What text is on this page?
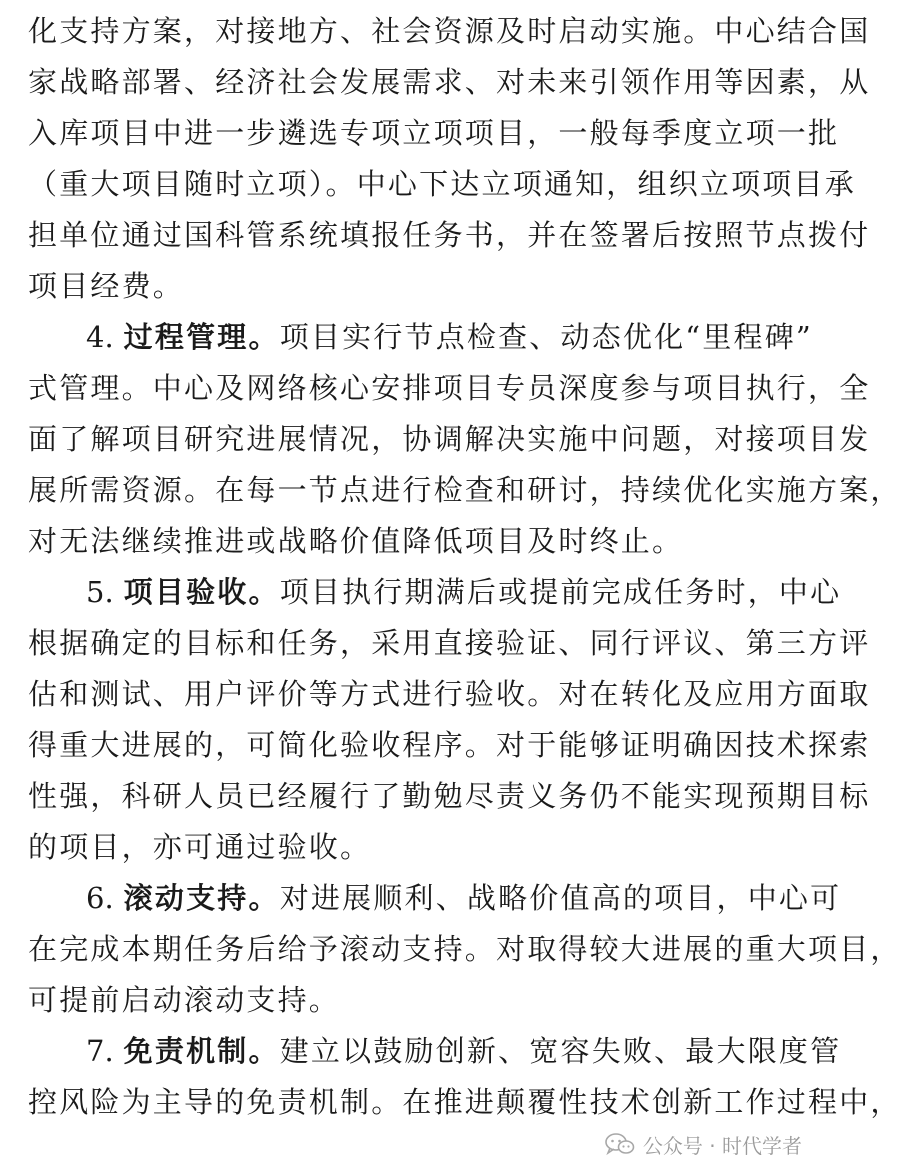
化支持方案，对接地方、社会资源及时启动实施。中心结合国
家战略部署、经济社会发展需求、对未来引领作用等因素，从
入库项目中进一步遴选专项立项项目，一般每季度立项一批
（重大项目随时立项）。中心下达立项通知，组织立项项目承
担单位通过国科管系统填报任务书，并在签署后按照节点拨付
项目经费。
4. 过程管理。项目实行节点检查、动态优化“里程碑”
式管理。中心及网络核心安排项目专员深度参与项目执行，全
面了解项目研究进展情况，协调解决实施中问题，对接项目发
展所需资源。在每一节点进行检查和研讨，持续优化实施方案，
对无法继续推进或战略价值降低项目及时终止。
5. 项目验收。项目执行期满后或提前完成任务时，中心
根据确定的目标和任务，采用直接验证、同行评议、第三方评
估和测试、用户评价等方式进行验收。对在转化及应用方面取
得重大进展的，可简化验收程序。对于能够证明确因技术探索
性强，科研人员已经履行了勤勉尽责义务仍不能实现预期目标
的项目，亦可通过验收。
6. 滚动支持。对进展顺利、战略价值高的项目，中心可
在完成本期任务后给予滚动支持。对取得较大进展的重大项目，
可提前启动滚动支持。
7. 免责机制。建立以鼓励创新、宽容失败、最大限度管
控风险为主导的免责机制。在推进颠覆性技术创新工作过程中，
公众号 · 时代学者
